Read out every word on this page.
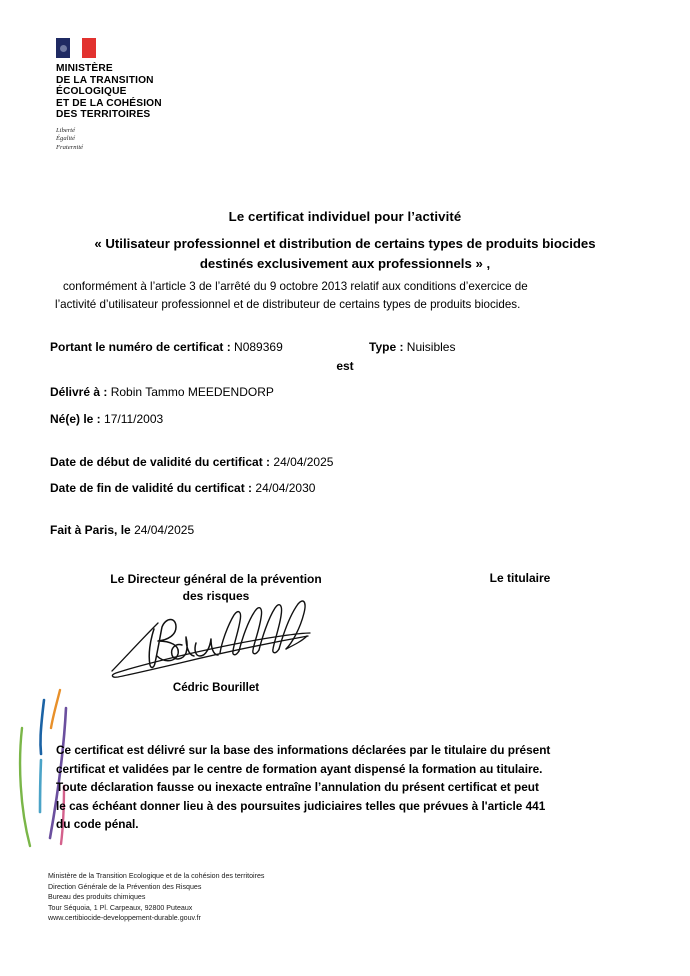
MINISTÈRE
DE LA TRANSITION
ÉCOLOGIQUE
ET DE LA COHÉSION
DES TERRITOIRES
Liberté
Égalité
Fraternité
Le certificat individuel pour l’activité
« Utilisateur professionnel et distribution de certains types de produits biocides
destinés exclusivement aux professionnels » ,
conformément à l’article 3 de l’arrêté du 9 octobre 2013 relatif aux conditions d’exercice de
l’activité d’utilisateur professionnel et de distributeur de certains types de produits biocides.
Portant le numéro de certificat : N089369	Type : Nuisibles
est
Délivré à : Robin Tammo MEEDENDORP
Né(e) le : 17/11/2003
Date de début de validité du certificat : 24/04/2025
Date de fin de validité du certificat : 24/04/2030
Fait à Paris, le 24/04/2025
Le Directeur général de la prévention
des risques
Le titulaire
Cédric Bourillet
Ce certificat est délivré sur la base des informations déclarées par le titulaire du présent
certificat et validées par le centre de formation ayant dispensé la formation au titulaire.
Toute déclaration fausse ou inexacte entraîne l’annulation du présent certificat et peut
le cas échéant donner lieu à des poursuites judiciaires telles que prévues à l'article 441
du code pénal.
Ministère de la Transition Ecologique et de la cohésion des territoires
Direction Générale de la Prévention des Risques
Bureau des produits chimiques
Tour Séquoia, 1 Pl. Carpeaux, 92800 Puteaux
www.certibiocide-developpement-durable.gouv.fr
